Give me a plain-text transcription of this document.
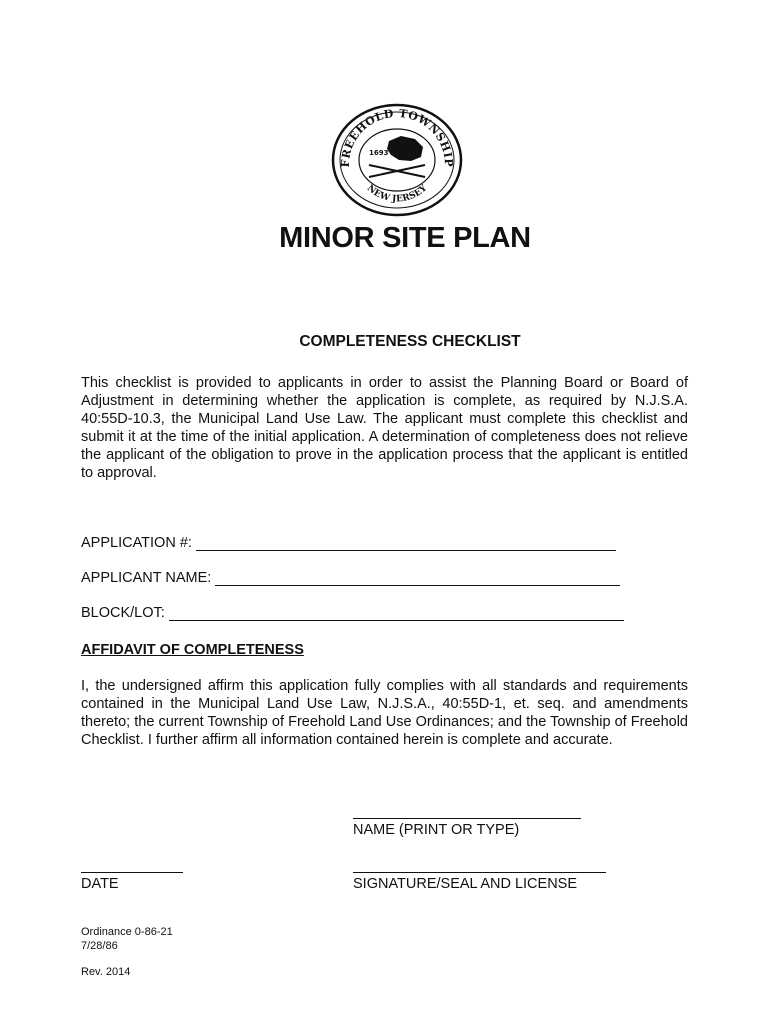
FREEHOLD TOWNSHIP
NEW JERSEY
1693
MINOR SITE PLAN
COMPLETENESS CHECKLIST
This checklist is provided to applicants in order to assist the Planning Board or Board of Adjustment in determining whether the application is complete, as required by N.J.S.A. 40:55D-10.3, the Municipal Land Use Law. The applicant must complete this checklist and submit it at the time of the initial application. A determination of completeness does not relieve the applicant of the obligation to prove in the application process that the applicant is entitled to approval.
APPLICATION #:
APPLICANT NAME:
BLOCK/LOT:
AFFIDAVIT OF COMPLETENESS
I, the undersigned affirm this application fully complies with all standards and requirements contained in the Municipal Land Use Law, N.J.S.A., 40:55D-1, et. seq. and amendments thereto; the current Township of Freehold Land Use Ordinances; and the Township of Freehold Checklist. I further affirm all information contained herein is complete and accurate.
NAME (PRINT OR TYPE)
DATE	SIGNATURE/SEAL AND LICENSE
Ordinance 0-86-21
7/28/86
Rev. 2014
